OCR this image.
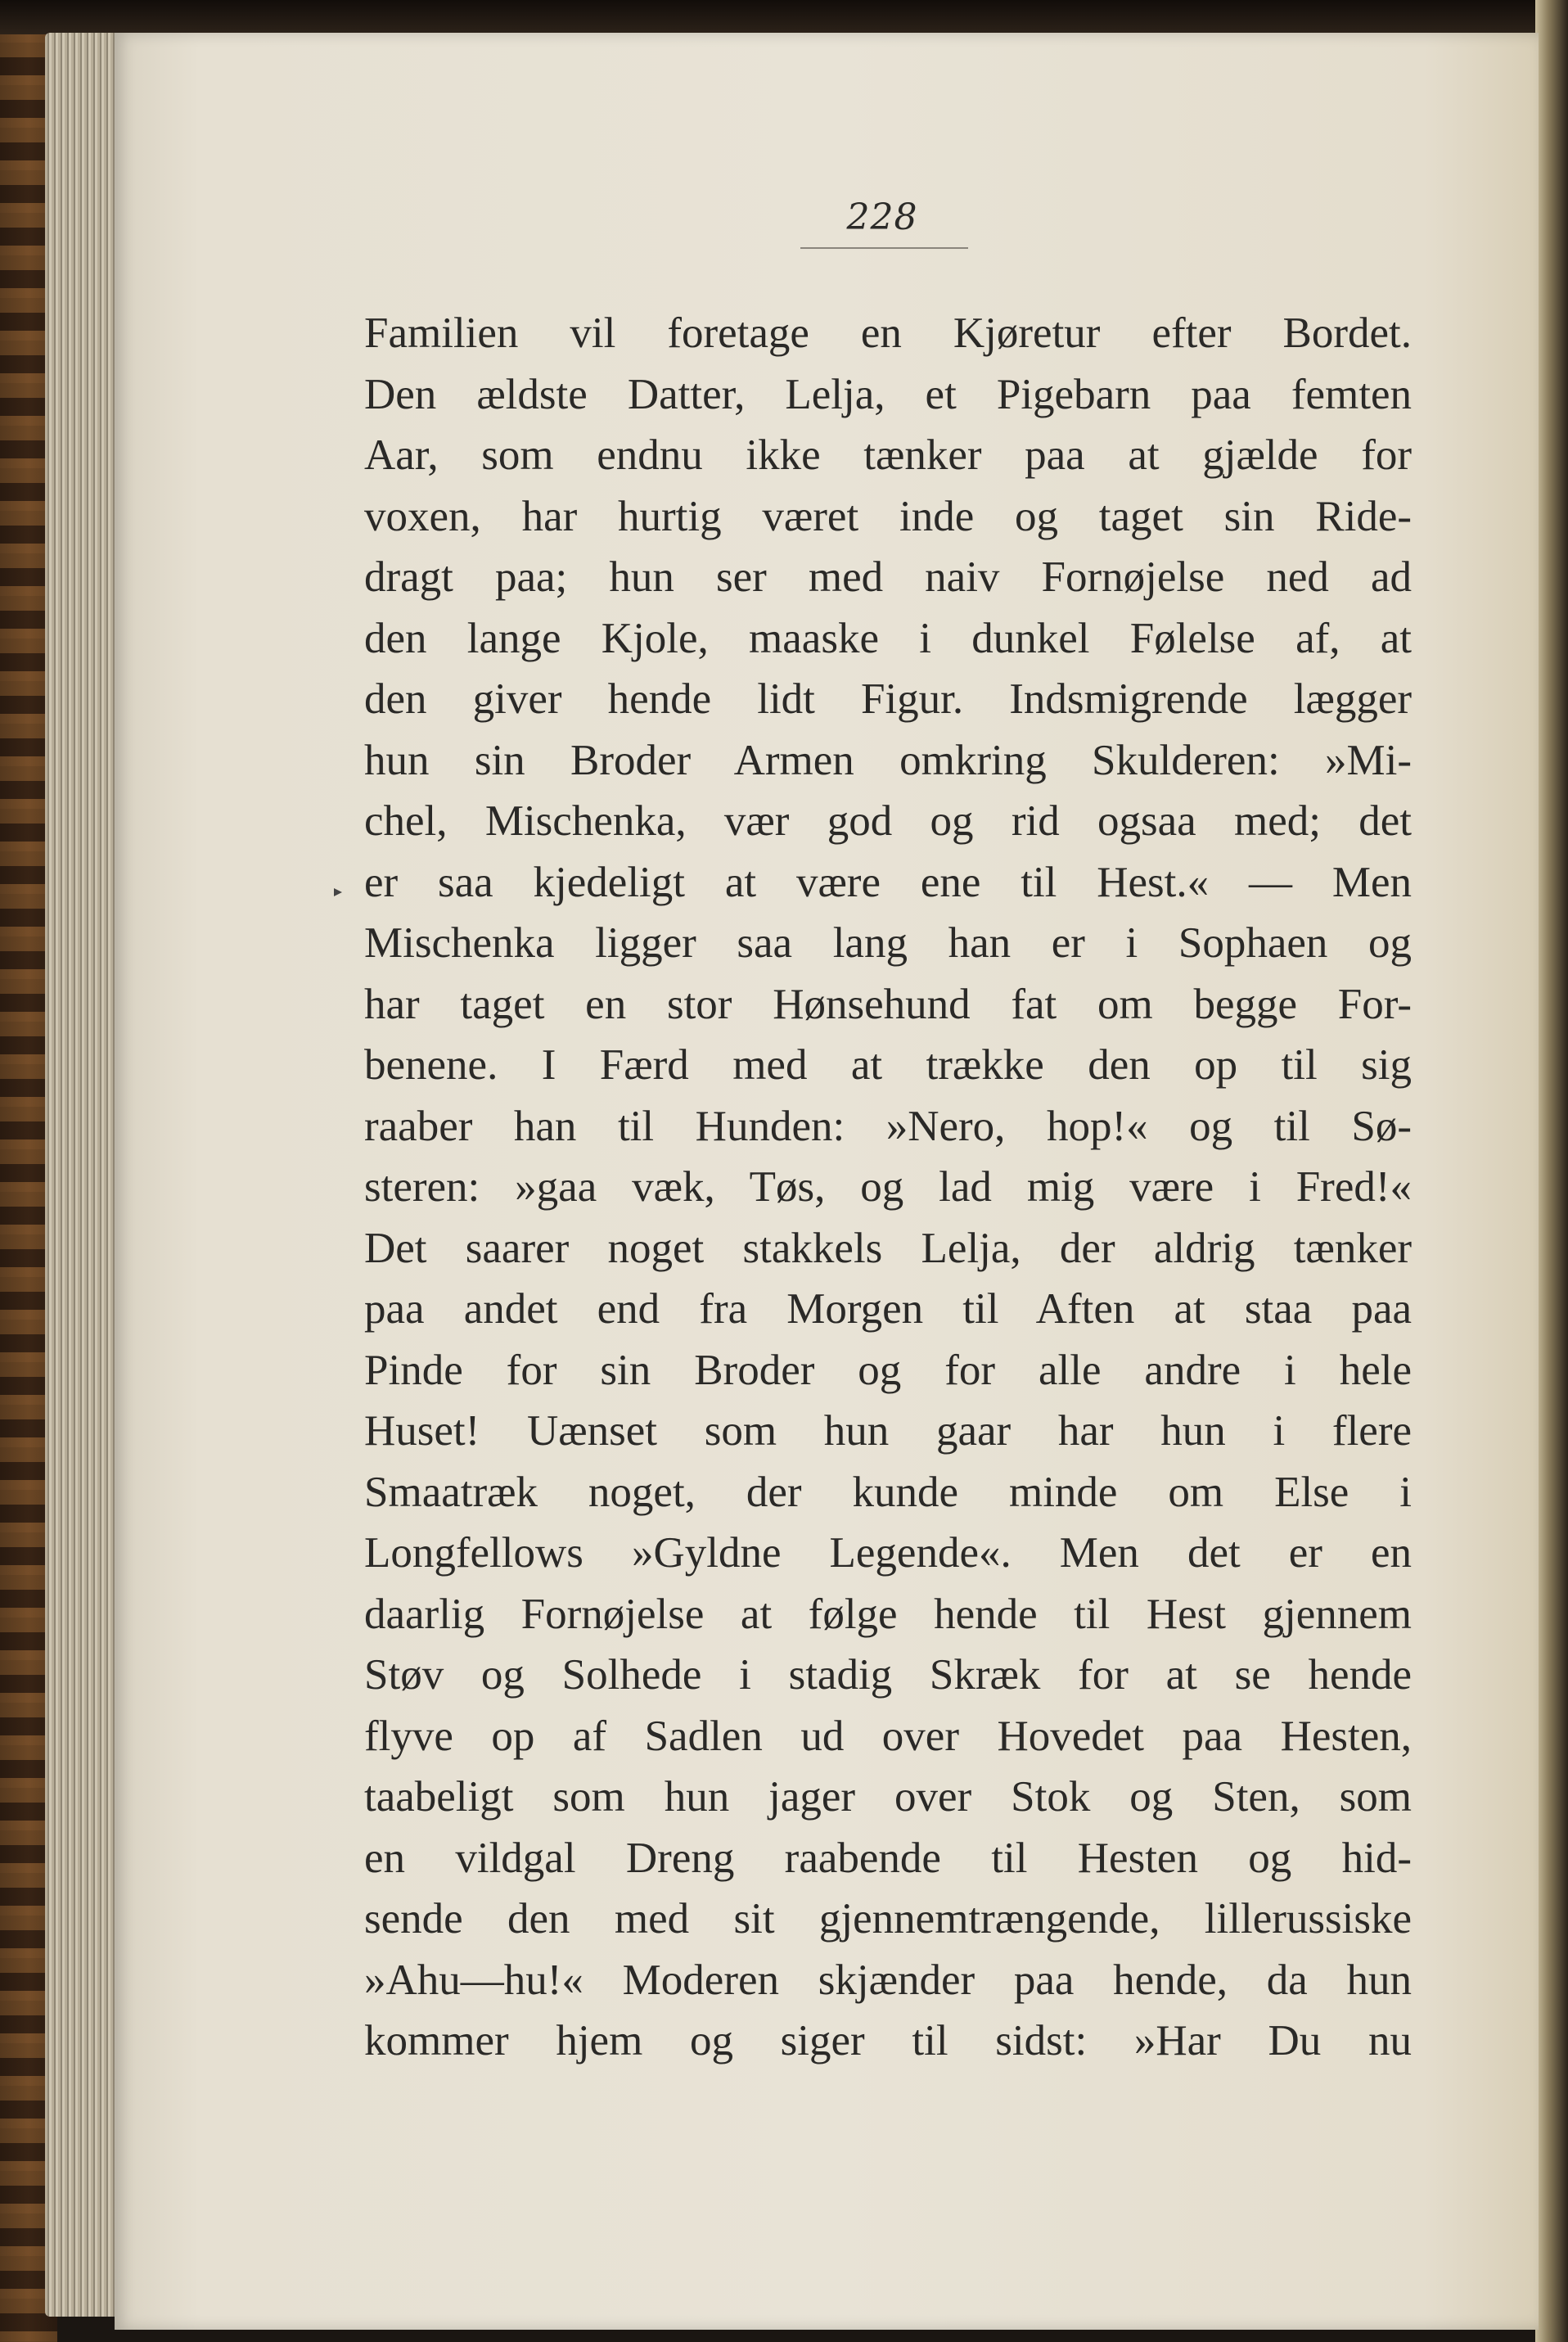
228
Familien vil foretage en Kjøretur efter Bordet.
Den ældste Datter, Lelja, et Pigebarn paa femten
Aar, som endnu ikke tænker paa at gjælde for
voxen, har hurtig været inde og taget sin Ride-
dragt paa; hun ser med naiv Fornøjelse ned ad
den lange Kjole, maaske i dunkel Følelse af, at
den giver hende lidt Figur. Indsmigrende lægger
hun sin Broder Armen omkring Skulderen: »Mi-
chel, Mischenka, vær god og rid ogsaa med; det
er saa kjedeligt at være ene til Hest.« — Men
Mischenka ligger saa lang han er i Sophaen og
har taget en stor Hønsehund fat om begge For-
benene. I Færd med at trække den op til sig
raaber han til Hunden: »Nero, hop!« og til Sø-
steren: »gaa væk, Tøs, og lad mig være i Fred!«
Det saarer noget stakkels Lelja, der aldrig tænker
paa andet end fra Morgen til Aften at staa paa
Pinde for sin Broder og for alle andre i hele
Huset! Uænset som hun gaar har hun i flere
Smaatræk noget, der kunde minde om Else i
Longfellows »Gyldne Legende«. Men det er en
daarlig Fornøjelse at følge hende til Hest gjennem
Støv og Solhede i stadig Skræk for at se hende
flyve op af Sadlen ud over Hovedet paa Hesten,
taabeligt som hun jager over Stok og Sten, som
en vildgal Dreng raabende til Hesten og hid-
sende den med sit gjennemtrængende, lillerussiske
»Ahu—hu!« Moderen skjænder paa hende, da hun
kommer hjem og siger til sidst: »Har Du nu
